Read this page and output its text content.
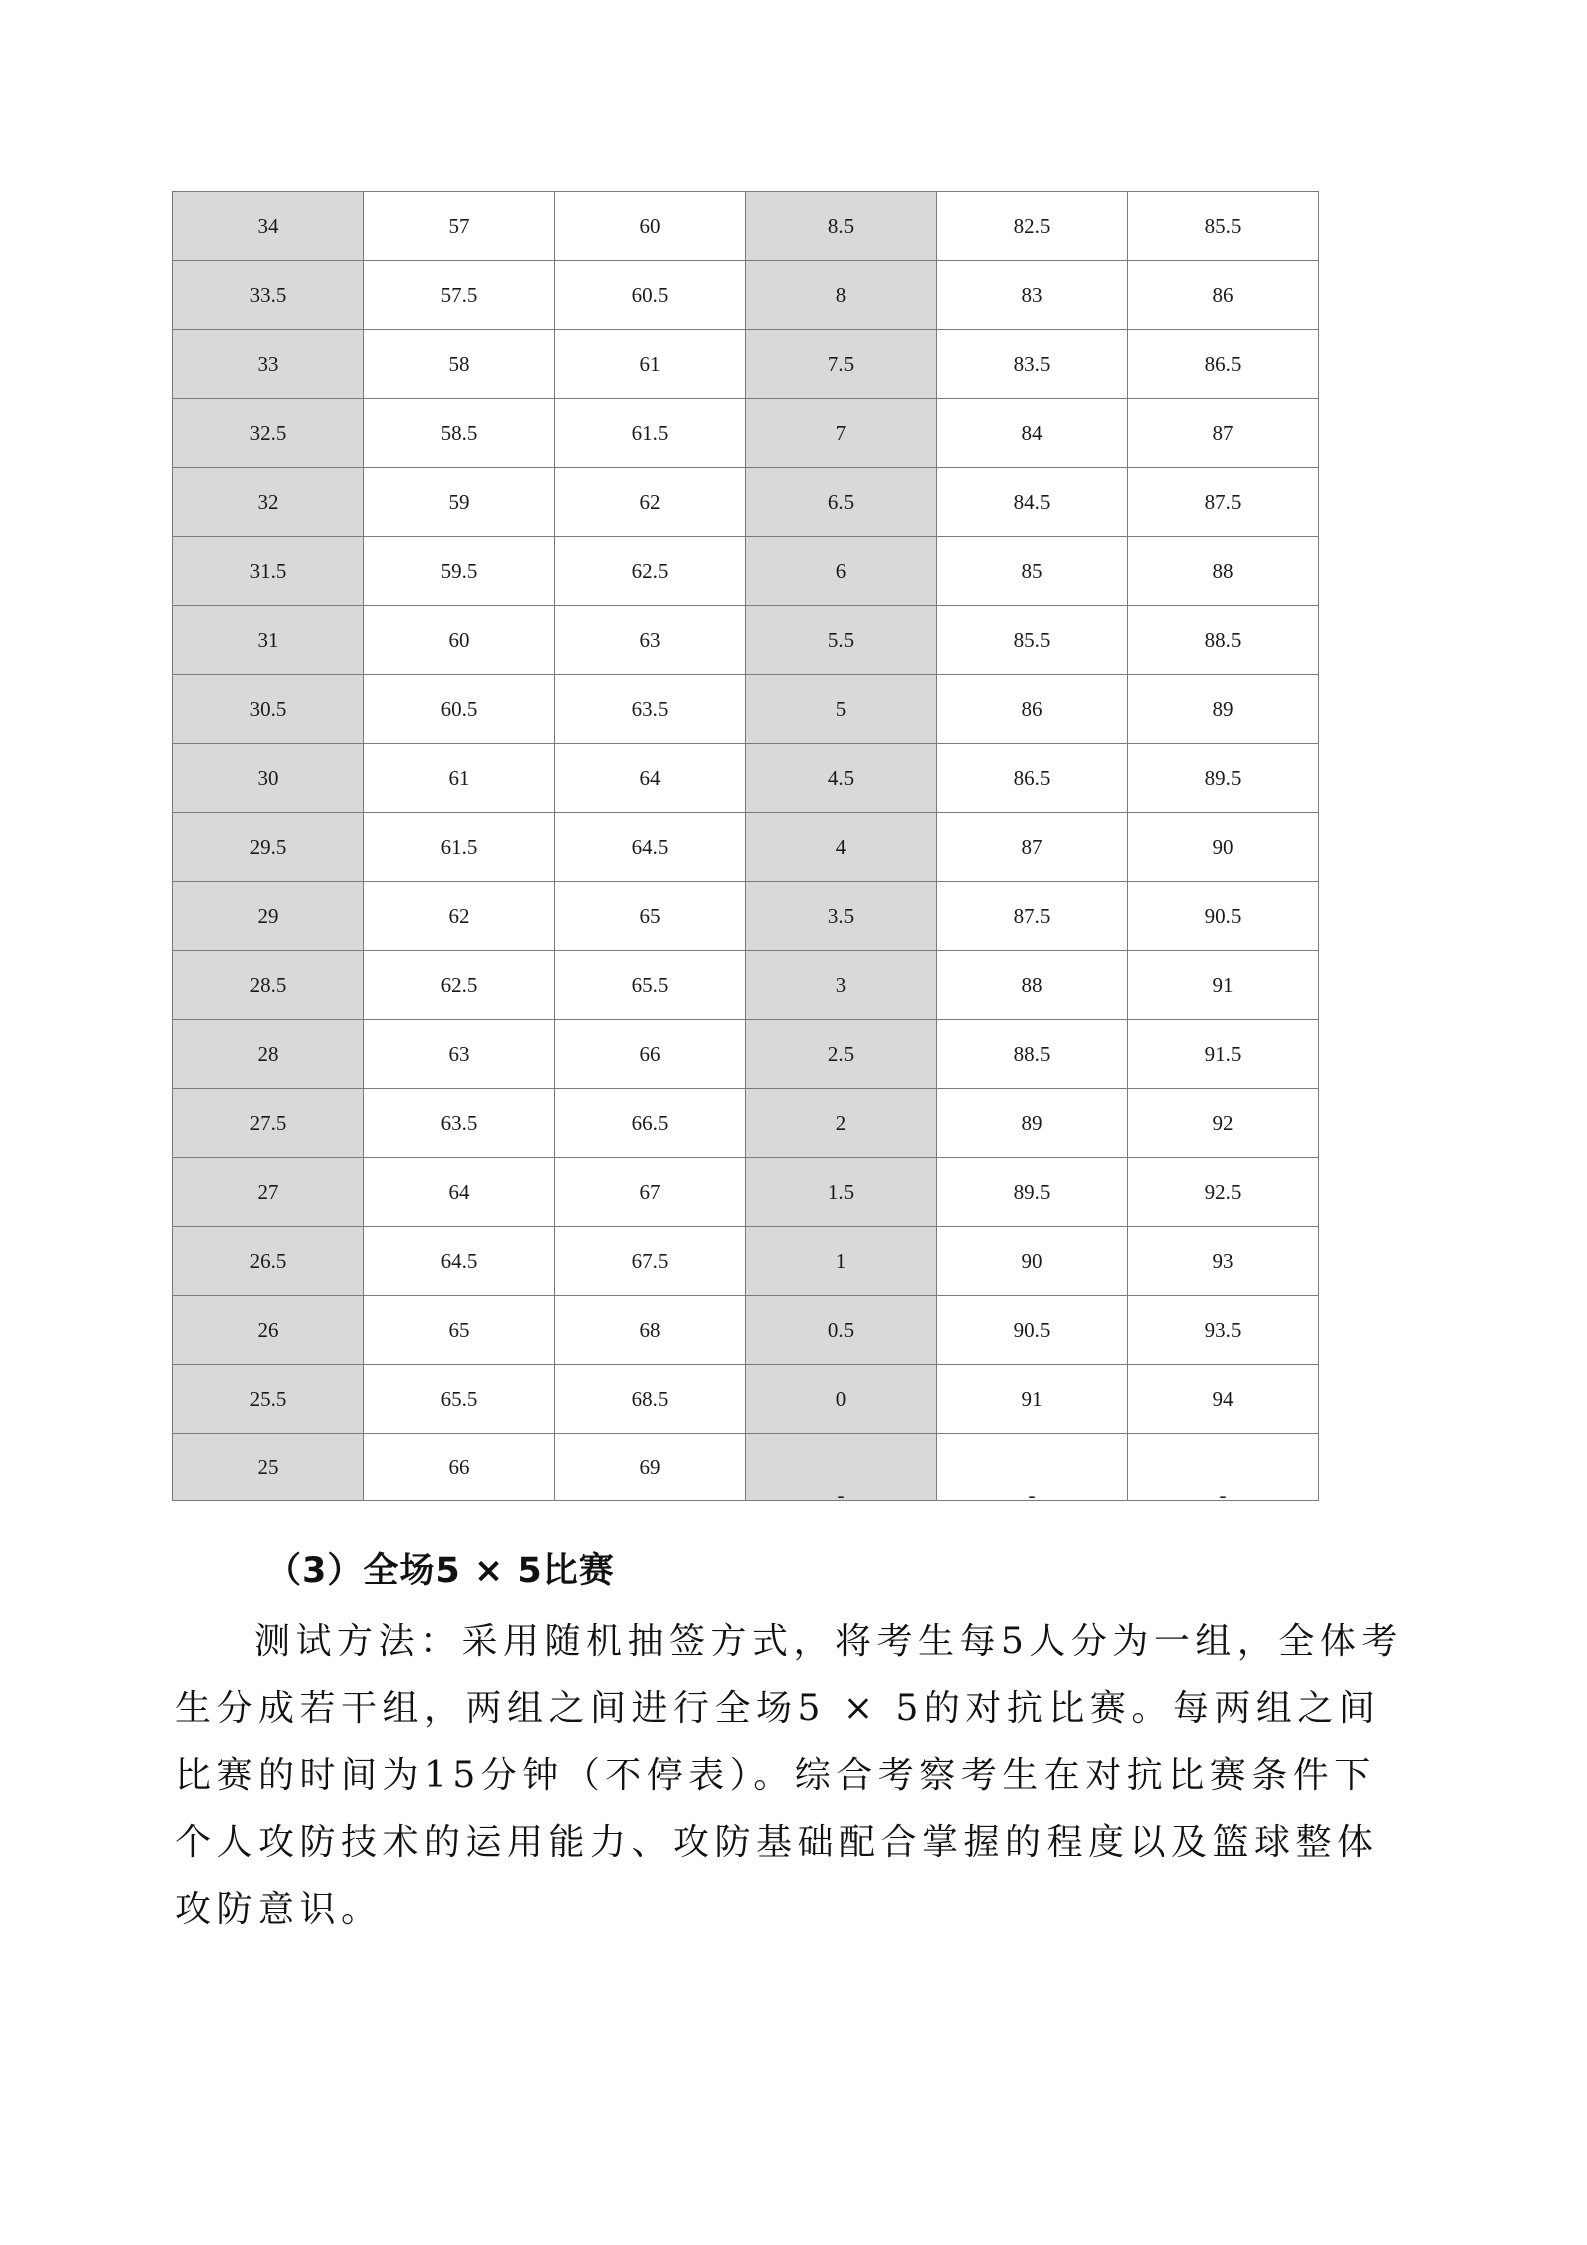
34	57	60	8.5	82.5	85.5
33.5	57.5	60.5	8	83	86
33	58	61	7.5	83.5	86.5
32.5	58.5	61.5	7	84	87
32	59	62	6.5	84.5	87.5
31.5	59.5	62.5	6	85	88
31	60	63	5.5	85.5	88.5
30.5	60.5	63.5	5	86	89
30	61	64	4.5	86.5	89.5
29.5	61.5	64.5	4	87	90
29	62	65	3.5	87.5	90.5
28.5	62.5	65.5	3	88	91
28	63	66	2.5	88.5	91.5
27.5	63.5	66.5	2	89	92
27	64	67	1.5	89.5	92.5
26.5	64.5	67.5	1	90	93
26	65	68	0.5	90.5	93.5
25.5	65.5	68.5	0	91	94
25	66	69	-	-	-
（3）全场5 × 5比赛

测试方法：采用随机抽签方式，将考生每5人分为一组，全体考生分成若干组，两组之间进行全场5 × 5的对抗比赛。每两组之间比赛的时间为15分钟（不停表）。综合考察考生在对抗比赛条件下个人攻防技术的运用能力、攻防基础配合掌握的程度以及篮球整体攻防意识。
